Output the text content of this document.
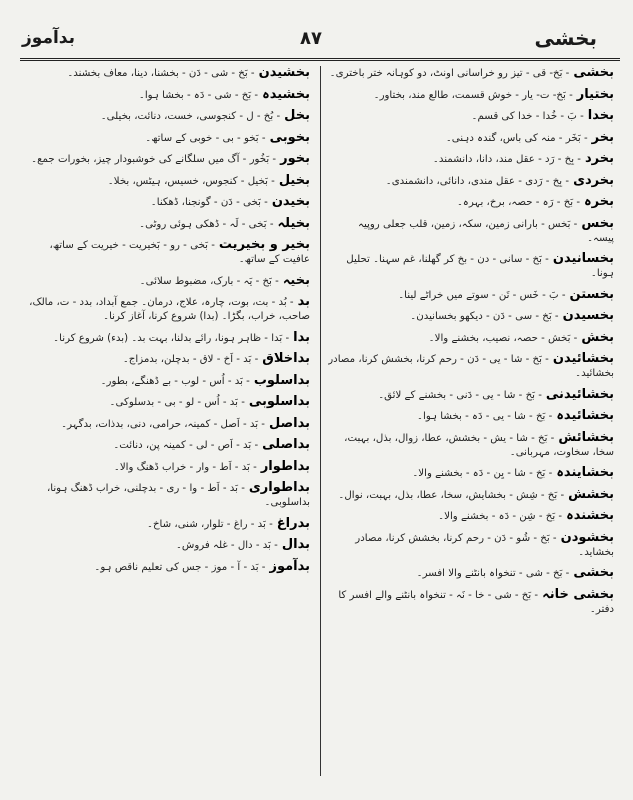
بخشی
۸۷
بدآموز
بخشی- بَخ- قی - تیز رو خراسانی اونٹ، دو کوہانہ ختر باختری۔
بختیار- بَخ- ت- یار - خوش قسمت، طالع مند، بختاور۔
بخدا- بَ - خُدا - خدا کی قسم۔
بخر- بَخَر - منہ کی باس، گندہ دہنی۔
بخرد- بِخ - رَد - عقل مند، دانا، دانشمند۔
بخردی- بِخ - رَدی - عقل مندی، دانائی، دانشمندی۔
بخرہ- بَخ - رَہ - حصہ، برخ، بہرہ۔
بخس- بَخس - بارانی زمین، سکہ، زمین، قلب جعلی روپیہ پیسہ۔
بخسانیدن- بَخ - سانی - دن - بخ کر گھلنا، غم سہنا۔ تحلیل ہونا۔
بخستن- بَ - خَس - تَن - سوتے میں خراٹے لینا۔
بخسیدن- بَخ - سی - دَن - دیکھو بخسانیدن۔
بخش- بَخش - حصہ، نصیب، بخشنے والا۔
بخشائیدن- بَخ - شا - یی - دَن - رحم کرنا، بخشش کرنا، مصادر بخشائید۔
بخشائیدنی- بَخ - شا - یی - دَنی - بخشنے کے لائق۔
بخشائیدہ- بَخ - شا - یی - دَہ - بخشا ہوا۔
بخشائش- بَخ - شا - یش - بخشش، عطا، زوال، بذل، بہبت، سخا، سخاوت، مہربانی۔
بخشایندہ- بَخ - شا - یِن - دَہ - بخشنے والا۔
بخشش- بَخ - شِش - بخشایش، سخا، عطا، بذل، بہبت، نوال۔
بخشندہ- بَخ - شِن - دَہ - بخشنے والا۔
بخشودن- بَخ - شُو - دَن - رحم کرنا، بخشش کرنا، مصادر بخشاید۔
بخشی- بَخ - شی - تنخواہ بانٹنے والا افسر۔
بخشی خانہ- بَخ - شی - خا - نَہ - تنخواہ بانٹنے والے افسر کا دفتر۔
بخشیدن- بَخ - شی - دَن - بخشنا، دینا، معاف بخشند۔
بخشیدہ- بَخ - شی - دَہ - بخشا ہوا۔
بخل- بُخ - ل - کنجوسی، خست، دنائت، بخیلی۔
بخوبی- بَخو - بی - خوبی کے ساتھ۔
بخور- بَخُور - آگ میں سلگانے کی خوشبودار چیز، بخورات جمع۔
بخیل- بَخیل - کنجوس، خسیس، ہیٹس، بخلا۔
بخیدن- بَخی - دَن - گونجنا، ڈھکنا۔
بخیلہ- بَخی - لَہ - ڈھکی ہوئی روٹی۔
بخیر و بخیریت- بَخی - رو - بَخیریت - خیریت کے ساتھ، عافیت کے ساتھ۔
بخیہ- بَخ - یَہ - بارک، مضبوط سلائی۔
بد- بُد - بت، بوت، چارہ، علاج، درمان۔ جمع آبداد، بدد - ت، مالک، صاحب، خراب، بگڑا۔ (بدا) شروع کرنا، آغاز کرنا۔
بدا- بَدا - ظاہر ہونا، رائے بدلنا، بہت بد۔ (بدء) شروع کرنا۔
بداخلاق- بَد - اَخ - لاق - بدچلن، بدمزاج۔
بداسلوب- بَد - اُس - لوب - بے ڈھنگے، بطور۔
بداسلوبی- بَد - اُس - لو - بی - بدسلوکی۔
بداصل- بَد - اَصل - کمینہ، حرامی، دنی، بدذات، بدگہر۔
بداصلی- بَد - اَص - لی - کمینہ پن، دنائت۔
بداطوار- بَد - اَط - وار - خراب ڈھنگ والا۔
بداطواری- بَد - اَط - وا - ری - بدچلنی، خراب ڈھنگ ہونا، بداسلوبی۔
بدراغ- بَد - راغ - تلوار، شنی، شاخ۔
بدال- بَد - دال - غلہ فروش۔
بدآموز- بَد - آ - موز - جس کی تعلیم ناقص ہو۔
